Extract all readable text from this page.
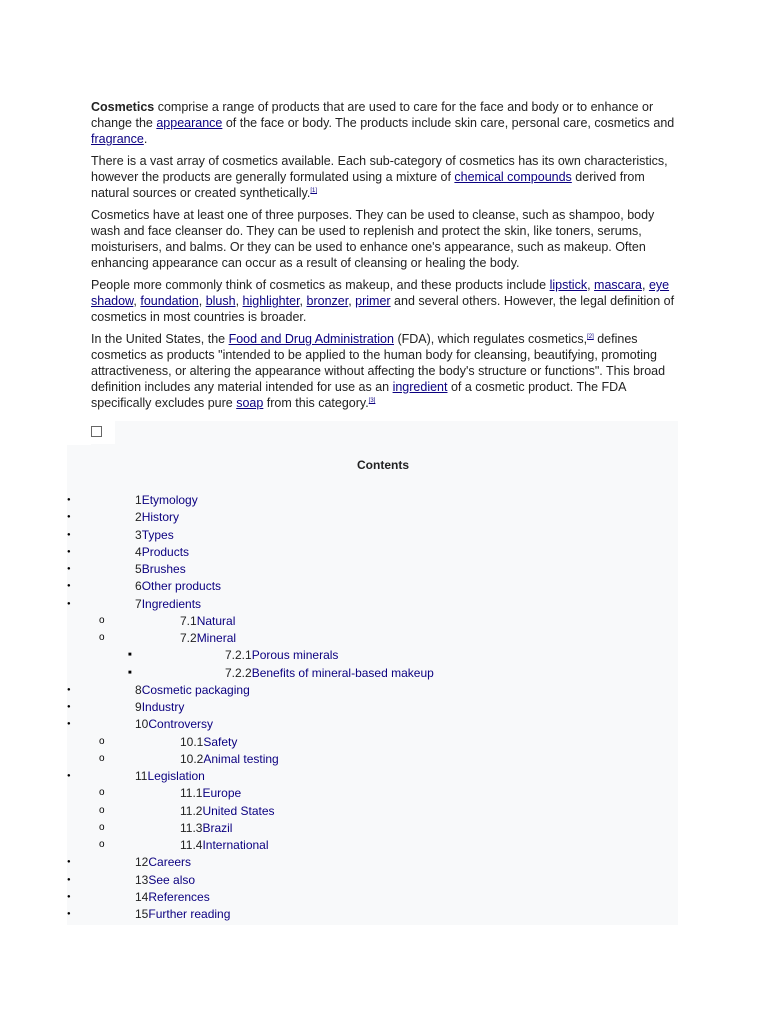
Cosmetics comprise a range of products that are used to care for the face and body or to enhance or change the appearance of the face or body. The products include skin care, personal care, cosmetics and fragrance.

There is a vast array of cosmetics available. Each sub-category of cosmetics has its own characteristics, however the products are generally formulated using a mixture of chemical compounds derived from natural sources or created synthetically.[1]

Cosmetics have at least one of three purposes. They can be used to cleanse, such as shampoo, body wash and face cleanser do. They can be used to replenish and protect the skin, like toners, serums, moisturisers, and balms. Or they can be used to enhance one's appearance, such as makeup. Often enhancing appearance can occur as a result of cleansing or healing the body.

People more commonly think of cosmetics as makeup, and these products include lipstick, mascara, eye shadow, foundation, blush, highlighter, bronzer, primer and several others. However, the legal definition of cosmetics in most countries is broader.

In the United States, the Food and Drug Administration (FDA), which regulates cosmetics,[2] defines cosmetics as products "intended to be applied to the human body for cleansing, beautifying, promoting attractiveness, or altering the appearance without affecting the body's structure or functions". This broad definition includes any material intended for use as an ingredient of a cosmetic product. The FDA specifically excludes pure soap from this category.[3]

Contents
●	1Etymology
●	2History
●	3Types
●	4Products
●	5Brushes
●	6Other products
●	7Ingredients
o	7.1Natural
o	7.2Mineral
■	7.2.1Porous minerals
■	7.2.2Benefits of mineral-based makeup
●	8Cosmetic packaging
●	9Industry
●	10Controversy
o	10.1Safety
o	10.2Animal testing
●	11Legislation
o	11.1Europe
o	11.2United States
o	11.3Brazil
o	11.4International
●	12Careers
●	13See also
●	14References
●	15Further reading
